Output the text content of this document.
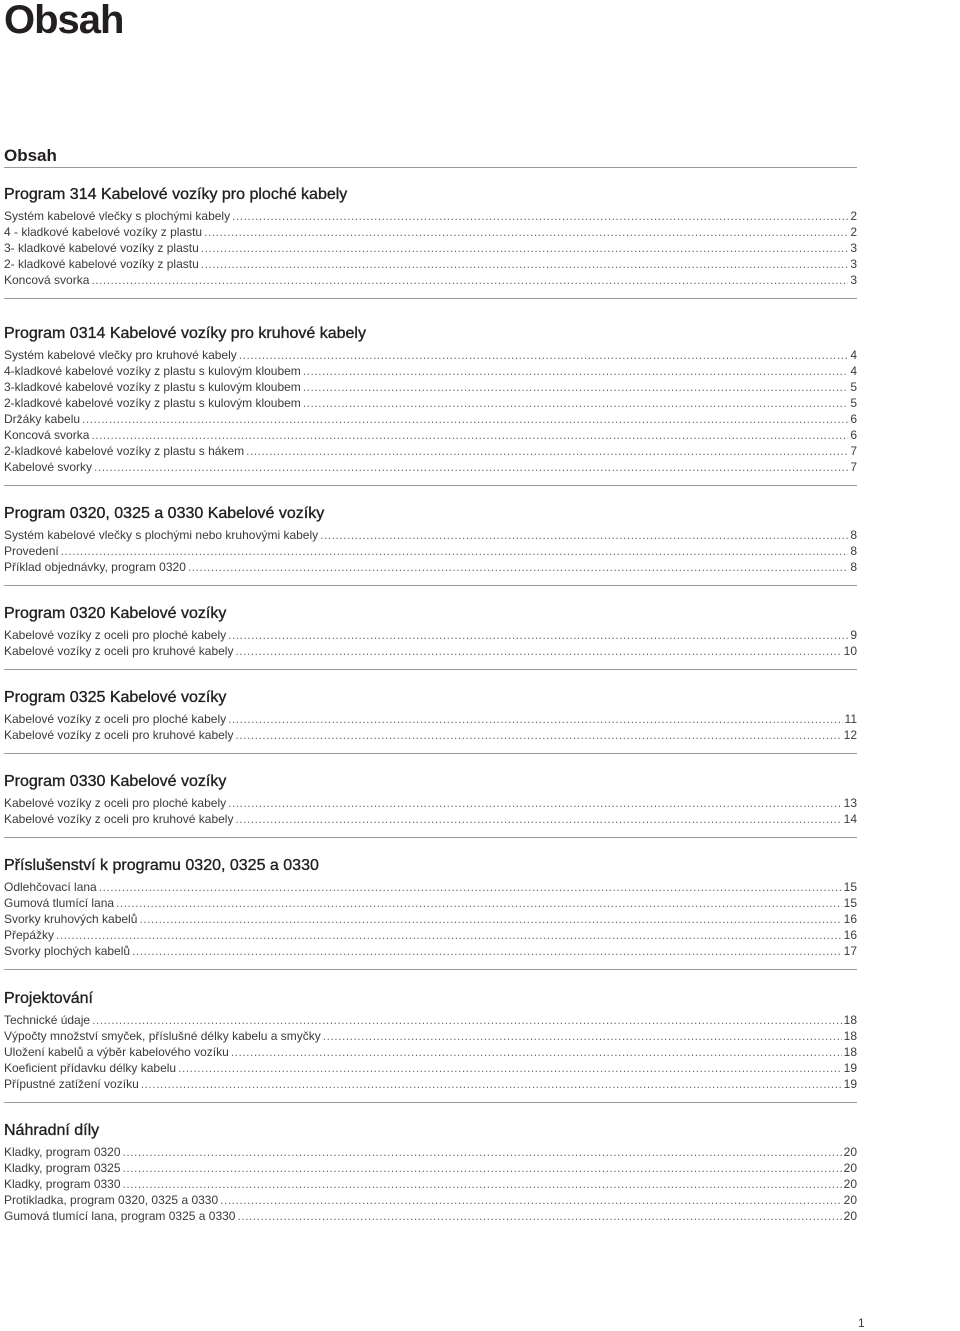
Obsah
Obsah
Program 314 Kabelové vozíky pro ploché kabely
Systém kabelové vlečky s plochými kabely .....	2
4 - kladkové kabelové vozíky z plastu .....	2
3- kladkové kabelové vozíky z plastu .....	3
2- kladkové kabelové vozíky z plastu .....	3
Koncová svorka .....	3
Program 0314 Kabelové vozíky pro kruhové kabely
Systém kabelové vlečky pro kruhové kabely .....	4
4-kladkové kabelové vozíky z plastu s kulovým kloubem .....	4
3-kladkové kabelové vozíky z plastu s kulovým kloubem .....	5
2-kladkové kabelové vozíky z plastu s kulovým kloubem .....	5
Držáky kabelu .....	6
Koncová svorka .....	6
2-kladkové kabelové vozíky z plastu s hákem .....	7
Kabelové svorky .....	7
Program 0320, 0325 a 0330 Kabelové vozíky
Systém kabelové vlečky s plochými nebo kruhovými kabely .....	8
Provedení .....	8
Příklad objednávky, program 0320 .....	8
Program 0320 Kabelové vozíky
Kabelové vozíky z oceli pro ploché kabely .....	9
Kabelové vozíky z oceli pro kruhové kabely .....	10
Program 0325 Kabelové vozíky
Kabelové vozíky z oceli pro ploché kabely .....	11
Kabelové vozíky z oceli pro kruhové kabely .....	12
Program 0330 Kabelové vozíky
Kabelové vozíky z oceli pro ploché kabely .....	13
Kabelové vozíky z oceli pro kruhové kabely .....	14
Příslušenství k programu 0320, 0325 a 0330
Odlehčovací lana .....	15
Gumová tlumící lana .....	15
Svorky kruhových kabelů .....	16
Přepážky .....	16
Svorky plochých kabelů .....	17
Projektování
Technické údaje .....	18
Výpočty množství smyček, příslušné délky kabelu a smyčky .....	18
Uložení kabelů a výběr kabelového vozíku .....	18
Koeficient přídavku délky kabelu .....	19
Přípustné zatížení vozíku .....	19
Náhradní díly
Kladky, program 0320 .....	20
Kladky, program 0325 .....	20
Kladky, program 0330 .....	20
Protikladka, program 0320, 0325 a 0330 .....	20
Gumová tlumící lana, program 0325 a 0330 .....	20
1
